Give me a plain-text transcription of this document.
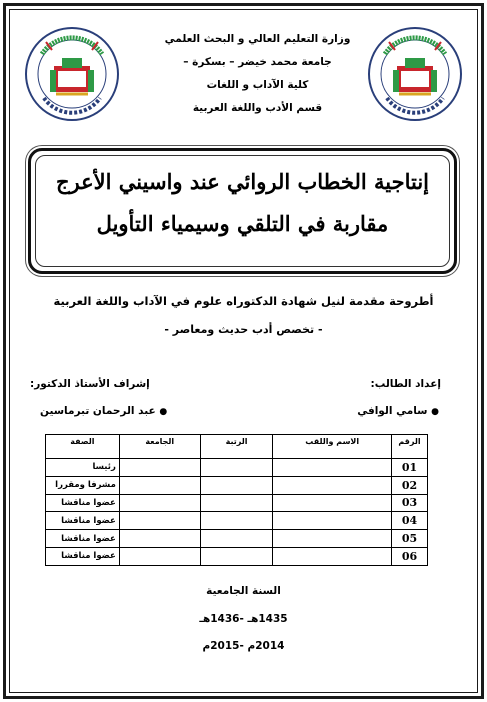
وزارة التعليم العالي و البحث العلمي
جامعة محمد خيضر – بسكرة –
كلية الآداب و اللغات
قسم الأدب واللغة العربية
إنتاجية الخطاب الروائي عند واسيني الأعرج
مقاربة في التلقي وسيمياء التأويل
أطروحة مقدمة لنيل شهادة الدكتوراه علوم في الآداب واللغة العربية
- تخصص أدب حديث ومعاصر -
إعداد الطالب:
إشراف الأستاذ الدكتور:
● سامي الوافي
● عبد الرحمان تبرماسين
الرقم	الاسم واللقب	الرتبة	الجامعة	الصفة
01				رئيسا
02				مشرفا ومقررا
03				عضوا مناقشا
04				عضوا مناقشا
05				عضوا مناقشا
06				عضوا مناقشا
السنة الجامعية
1435هـ -1436هـ
2014م -2015م
